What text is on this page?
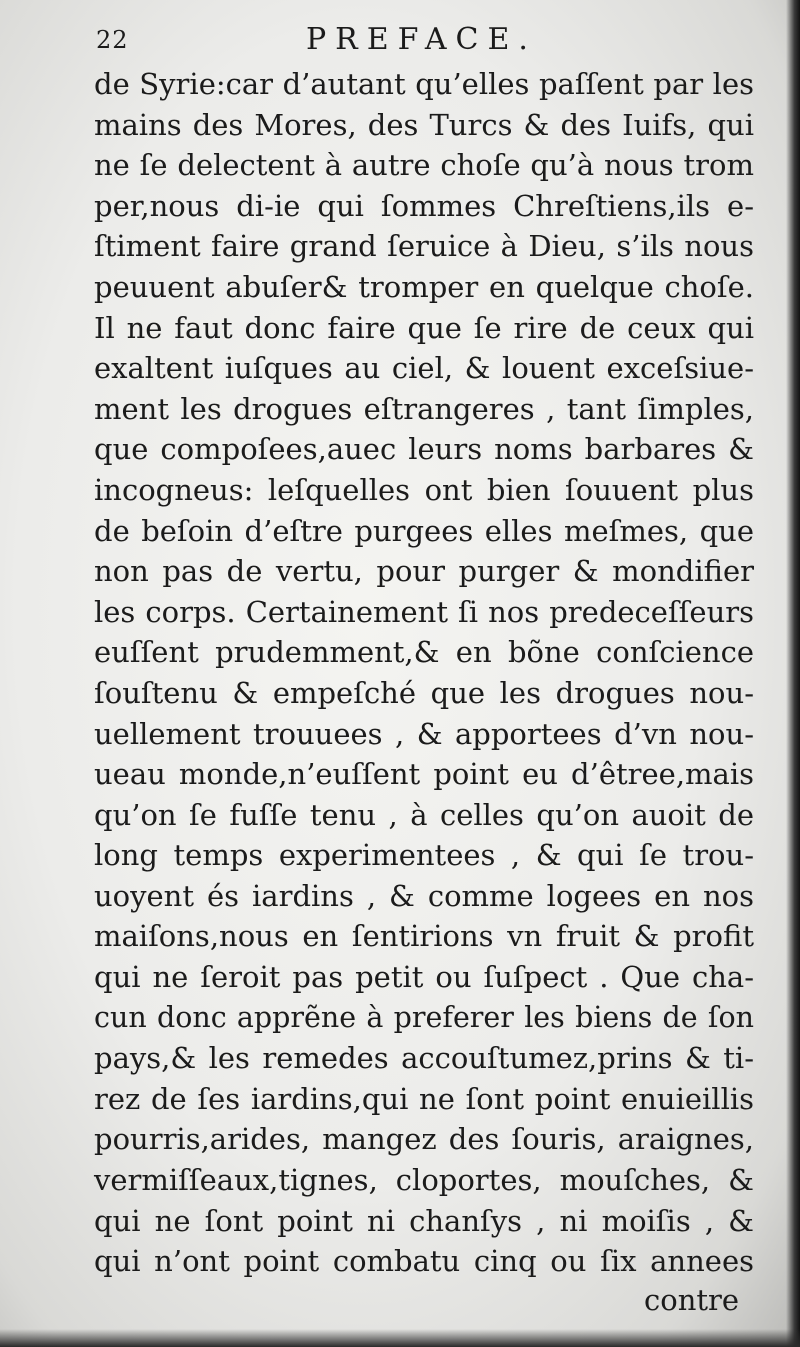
22	PREFACE.
de Syrie:car d’autant qu’elles paſſent par les
mains des Mores, des Turcs & des Iuifs, qui
ne ſe delectent à autre choſe qu’à nous trom
per,nous di-ie qui ſommes Chreſtiens,ils e-
ſtiment faire grand ſeruice à Dieu, s’ils nous
peuuent abuſer& tromper en quelque choſe.
Il ne faut donc faire que ſe rire de ceux qui
exaltent iuſques au ciel, & louent exceſsiue-
ment les drogues eſtrangeres , tant ſimples,
que compoſees,auec leurs noms barbares &
incogneus: leſquelles ont bien ſouuent plus
de beſoin d’eſtre purgees elles meſmes, que
non pas de vertu, pour purger & mondifier
les corps. Certainement ſi nos predeceſſeurs
euſſent prudemment,& en bõne conſcience
ſouſtenu & empeſché que les drogues nou-
uellement trouuees , & apportees d’vn nou-
ueau monde,n’euſſent point eu d’êtree,mais
qu’on ſe fuſſe tenu , à celles qu’on auoit de
long temps experimentees , & qui ſe trou-
uoyent és iardins , & comme logees en nos
maiſons,nous en ſentirions vn fruit & profit
qui ne ſeroit pas petit ou ſuſpect . Que cha-
cun donc apprẽne à preferer les biens de ſon
pays,& les remedes accouſtumez,prins & ti-
rez de ſes iardins,qui ne ſont point enuieillis
pourris,arides, mangez des ſouris, araignes,
vermiſſeaux,tignes, cloportes, mouſches, &
qui ne ſont point ni chanſys , ni moiſis , &
qui n’ont point combatu cinq ou ſix annees
contre
